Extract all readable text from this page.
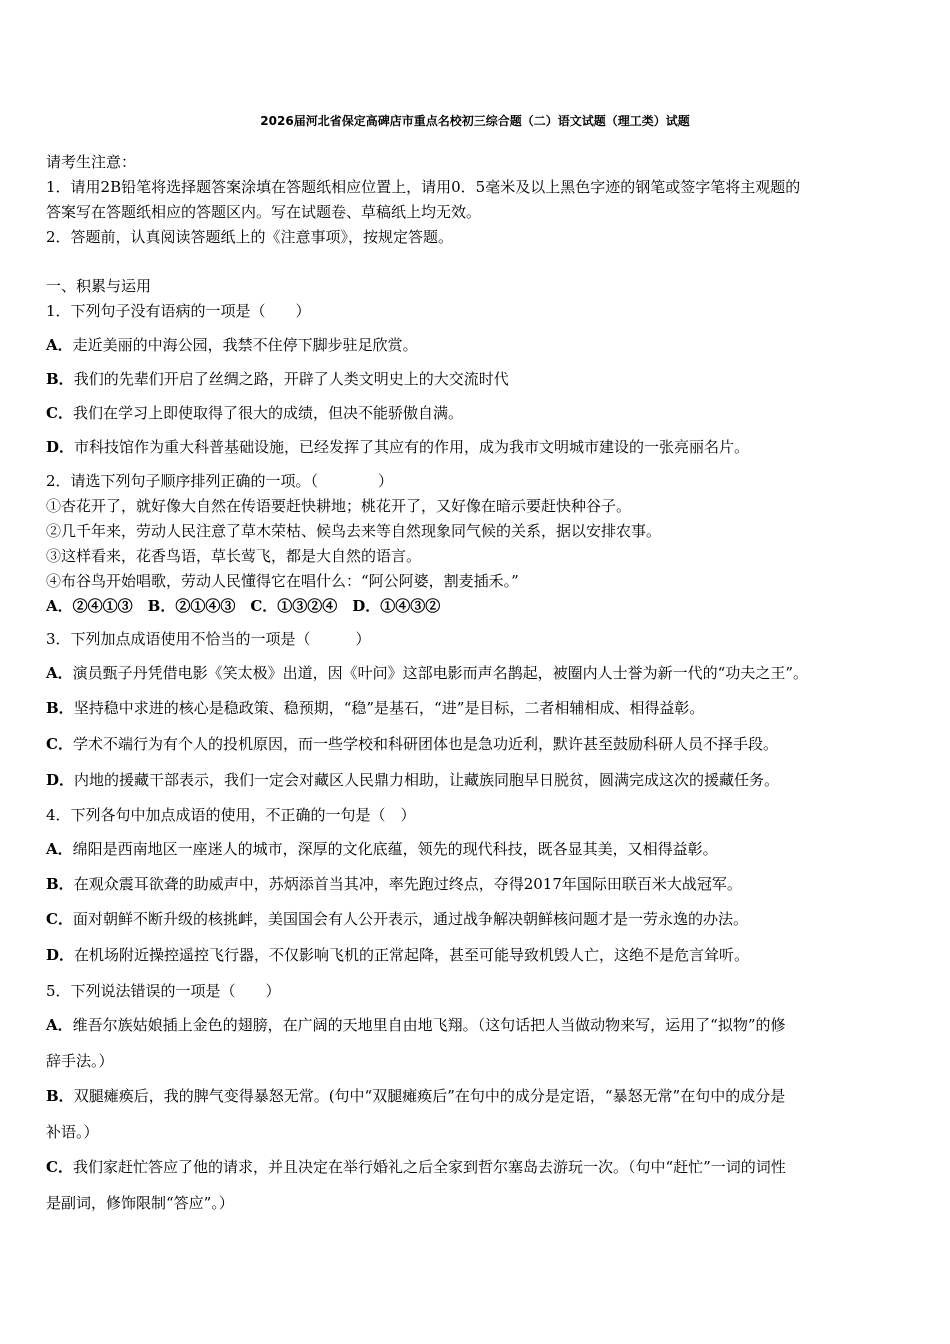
2026届河北省保定高碑店市重点名校初三综合题（二）语文试题（理工类）试题
请考生注意：
1．请用2B铅笔将选择题答案涂填在答题纸相应位置上，请用0．5毫米及以上黑色字迹的钢笔或签字笔将主观题的
答案写在答题纸相应的答题区内。写在试题卷、草稿纸上均无效。
2．答题前，认真阅读答题纸上的《注意事项》，按规定答题。
一、积累与运用
1．下列句子没有语病的一项是（　　）
A．走近美丽的中海公园，我禁不住停下脚步驻足欣赏。
B．我们的先辈们开启了丝绸之路，开辟了人类文明史上的大交流时代
C．我们在学习上即使取得了很大的成绩，但决不能骄傲自满。
D．市科技馆作为重大科普基础设施，已经发挥了其应有的作用，成为我市文明城市建设的一张亮丽名片。
2．请选下列句子顺序排列正确的一项。（　　　　）
①杏花开了，就好像大自然在传语要赶快耕地；桃花开了，又好像在暗示要赶快种谷子。
②几千年来，劳动人民注意了草木荣枯、候鸟去来等自然现象同气候的关系，据以安排农事。
③这样看来，花香鸟语，草长莺飞，都是大自然的语言。
④布谷鸟开始唱歌，劳动人民懂得它在唱什么：“阿公阿婆，割麦插禾。”
A．②④①③　B．②①④③　C．①③②④　D．①④③②
3．下列加点成语使用不恰当的一项是（　　　）
A．演员甄子丹凭借电影《笑太极》出道，因《叶问》这部电影而声名鹊起，被圈内人士誉为新一代的“功夫之王”。
B．坚持稳中求进的核心是稳政策、稳预期，“稳”是基石，“进”是目标，二者相辅相成、相得益彰。
C．学术不端行为有个人的投机原因，而一些学校和科研团体也是急功近利，默许甚至鼓励科研人员不择手段。
D．内地的援藏干部表示，我们一定会对藏区人民鼎力相助，让藏族同胞早日脱贫，圆满完成这次的援藏任务。
4．下列各句中加点成语的使用，不正确的一句是（　）
A．绵阳是西南地区一座迷人的城市，深厚的文化底蕴，领先的现代科技，既各显其美，又相得益彰。
B．在观众震耳欲聋的助威声中，苏炳添首当其冲，率先跑过终点，夺得2017年国际田联百米大战冠军。
C．面对朝鲜不断升级的核挑衅，美国国会有人公开表示，通过战争解决朝鲜核问题才是一劳永逸的办法。
D．在机场附近操控遥控飞行器，不仅影响飞机的正常起降，甚至可能导致机毁人亡，这绝不是危言耸听。
5．下列说法错误的一项是（　　）
A．维吾尔族姑娘插上金色的翅膀，在广阔的天地里自由地飞翔。（这句话把人当做动物来写，运用了“拟物”的修
辞手法。）
B．双腿瘫痪后，我的脾气变得暴怒无常。(句中“双腿瘫痪后”在句中的成分是定语，“暴怒无常”在句中的成分是
补语。）
C．我们家赶忙答应了他的请求，并且决定在举行婚礼之后全家到哲尔塞岛去游玩一次。（句中“赶忙”一词的词性
是副词，修饰限制“答应”。）
